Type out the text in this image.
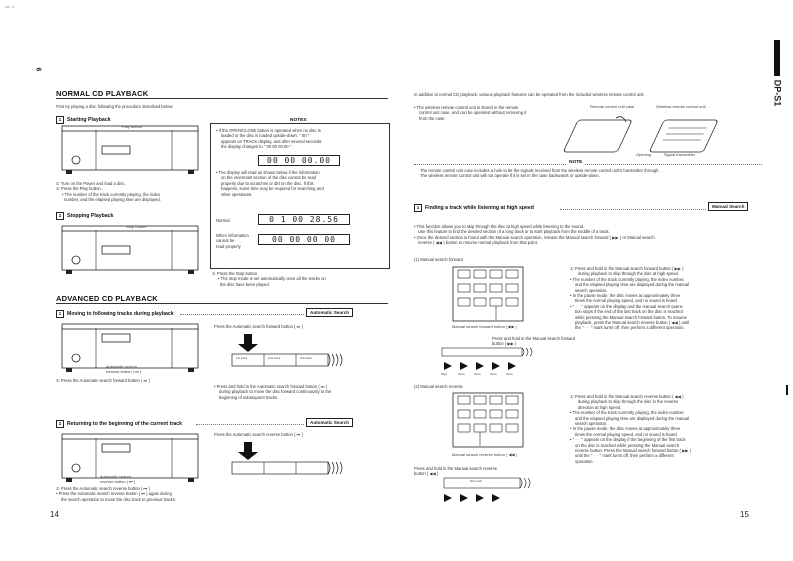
-ad .4
6
DP-S1
NORMAL CD PLAYBACK
First try playing a disc following the procedure described below.
1 Starting Playback
Play button
① Turn on the Power and load a disc.
② Press the Play button.
• The number of the track currently playing, the index
number, and the elapsed playing time are displayed.
2 Stopping Playback
Stop button
NOTES
• If the OPEN/CLOSE button is operated when no disc is
loaded or the disc is loaded upside-down, " 00 "
appears on TRACK display, and after several seconds
the display changes to " 00 00 00.00 ".
00 00 00.00
• The display will read as shown below if the information
on the innermost section of the disc cannot be read
properly due to scratches or dirt on the disc. If this
happens, some time may be required for searching and
other operations.
Normal	0 1 00 28.56
When information
cannot be
read properly
00 00 00 00
① Press the Stop button.
• The stop mode is set automatically once all the tracks on
the disc have been played.
ADVANCED CD PLAYBACK
1 Moving to following tracks during playback	Automatic Search
Automatic search
forward button ( ⏭ )
① Press the Automatic search forward button ( ⏭ )
Press the Automatic search forward button ( ⏭ )
1st track	2nd track	3rd track
• Press and hold in the Automatic search forward button ( ⏭ )
during playback to move the disc forward continuously to the
beginning of subsequent tracks.
2 Returning to the beginning of the current track	Automatic Search
Automatic search
reverse button ( ⏮ )
① Press the Automatic search reverse button ( ⏮ )
• Press the Automatic search reverse button ( ⏮ ) again during
the search operation to move the disc back to previous tracks.
Press the Automatic search reverse button ( ⏮ )
14
In addition to normal CD playback, various playback features can be operated from the included wireless remote control unit.
• The wireless remote control unit is stored in the remote
control unit case, and can be operated without removing it
from the case.
Remote control unit case	Wireless remote control unit
Opening	Signal transmitter
NOTE
The remote control unit case includes a hole to let the signals received from the wireless remote control unit's transmitter through.
The wireless remote control unit will not operate if it is set in the case backwards or upside-down.
1 Finding a track while listening at high speed	Manual Search
• This function allows you to skip through the disc at high speed while listening to the sound.
Use this feature to find the desired section of a long track or to start playback from the middle of a track.
• Once the desired section is found with the Manual search operation, release the Manual search forward ( ▶▶ ) or Manual search
reverse ( ◀◀ ) button to resume normal playback from that point.
(1) Manual search forward
Manual search forward button ( ▶▶ )
Press and hold in the Manual search forward
button ( ▶▶ )
Play	Scan	Scan	Scan	Scan
① Press and hold in the Manual search forward button ( ▶▶ )
during playback to skip through the disc at high speed.
• The number of the track currently playing, the index number,
and the elapsed playing time are displayed during the manual
search operation.
• In the pause mode, the disc moves at approximately three
times the normal playing speed, and no sound is heard.
• " ᛫᛫ " appears on the display and the manual search opera-
tion stops if the end of the last track on the disc is reached
while pressing the Manual search forward button. To resume
playback, press the Manual search reverse button ( ◀◀ ) until
the " ᛫᛫ " mark turns off, then perform a different operation.
(2) Manual search reverse
Manual search reverse button ( ◀◀ )
Press and hold in the Manual search reverse
button ( ◀◀ )
Nth track
① Press and hold in the Manual search reverse button ( ◀◀ )
during playback to skip through the disc in the reverse
direction at high speed.
• The number of the track currently playing, the index number,
and the elapsed playing time are displayed during the manual
search operation.
• In the pause mode, the disc moves at approximately three
times the normal playing speed, and no sound is heard.
• " ᛫᛫ " appears on the display if the beginning of the first track
on the disc is reached while pressing the Manual search
reverse button. Press the Manual search forward button ( ▶▶ )
until the " ᛫᛫ " mark turns off, then perform a different
operation.
15
